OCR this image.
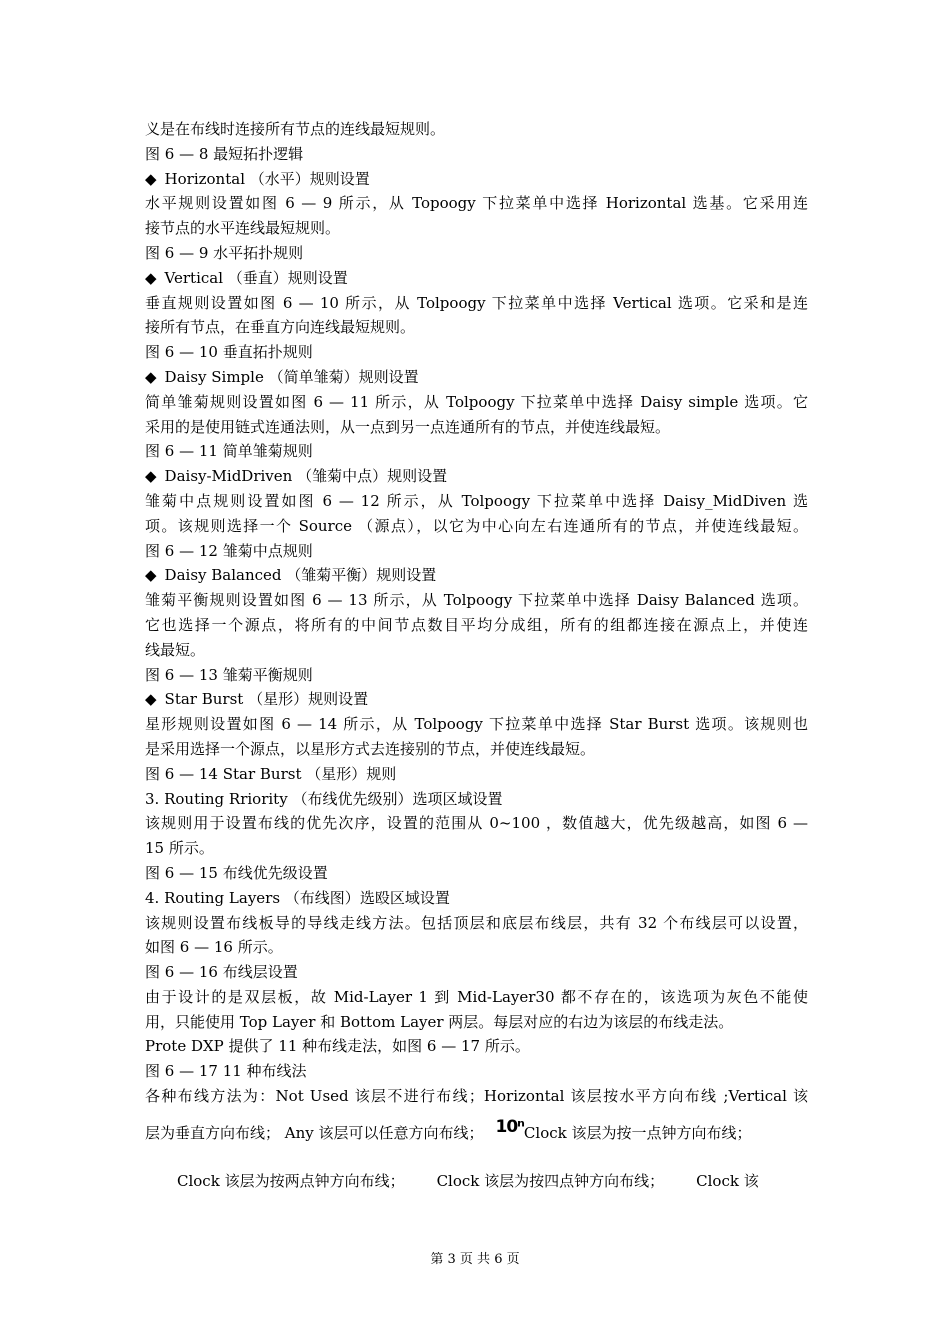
义是在布线时连接所有节点的连线最短规则。
图 6 — 8 最短拓扑逻辑
◆ Horizontal （水平）规则设置
水平规则设置如图 6 — 9 所示，从 Topoogy 下拉菜单中选择 Horizontal 选基。它采用连
接节点的水平连线最短规则。
图 6 — 9 水平拓扑规则
◆ Vertical （垂直）规则设置
垂直规则设置如图 6 — 10 所示，从 Tolpoogy 下拉菜单中选择 Vertical 选项。它采和是连
接所有节点，在垂直方向连线最短规则。
图 6 — 10 垂直拓扑规则
◆ Daisy Simple （简单雏菊）规则设置
简单雏菊规则设置如图 6 — 11 所示，从 Tolpoogy 下拉菜单中选择 Daisy simple 选项。它
采用的是使用链式连通法则，从一点到另一点连通所有的节点，并使连线最短。
图 6 — 11 简单雏菊规则
◆ Daisy-MidDriven （雏菊中点）规则设置
雏菊中点规则设置如图 6 — 12 所示，从 Tolpoogy 下拉菜单中选择 Daisy_MidDiven 选
项。该规则选择一个 Source （源点），以它为中心向左右连通所有的节点，并使连线最短。
图 6 — 12 雏菊中点规则
◆ Daisy Balanced （雏菊平衡）规则设置
雏菊平衡规则设置如图 6 — 13 所示，从 Tolpoogy 下拉菜单中选择 Daisy Balanced 选项。
它也选择一个源点，将所有的中间节点数目平均分成组，所有的组都连接在源点上，并使连
线最短。
图 6 — 13 雏菊平衡规则
◆ Star Burst （星形）规则设置
星形规则设置如图 6 — 14 所示，从 Tolpoogy 下拉菜单中选择 Star Burst 选项。该规则也
是采用选择一个源点，以星形方式去连接别的节点，并使连线最短。
图 6 — 14 Star Burst （星形）规则
3. Routing Rriority （布线优先级别）选项区域设置
该规则用于设置布线的优先次序，设置的范围从 0~100 ，数值越大，优先级越高，如图 6 —
15 所示。
图 6 — 15 布线优先级设置
4. Routing Layers （布线图）选殴区域设置
该规则设置布线板导的导线走线方法。包括顶层和底层布线层，共有 32 个布线层可以设置，
如图 6 — 16 所示。
图 6 — 16 布线层设置
由于设计的是双层板，故 Mid-Layer 1 到 Mid-Layer30 都不存在的，该选项为灰色不能使
用，只能使用 Top Layer 和 Bottom Layer 两层。每层对应的右边为该层的布线走法。
Prote DXP 提供了 11 种布线走法，如图 6 — 17 所示。
图 6 — 17 11 种布线法
各种布线方法为：Not Used 该层不进行布线；Horizontal 该层按水平方向布线 ;Vertical 该
层为垂直方向布线； Any 该层可以任意方向布线； 10ⁿClock 该层为按一点钟方向布线；
Clock 该层为按两点钟方向布线； Clock 该层为按四点钟方向布线； Clock 该
第 3 页 共 6 页
